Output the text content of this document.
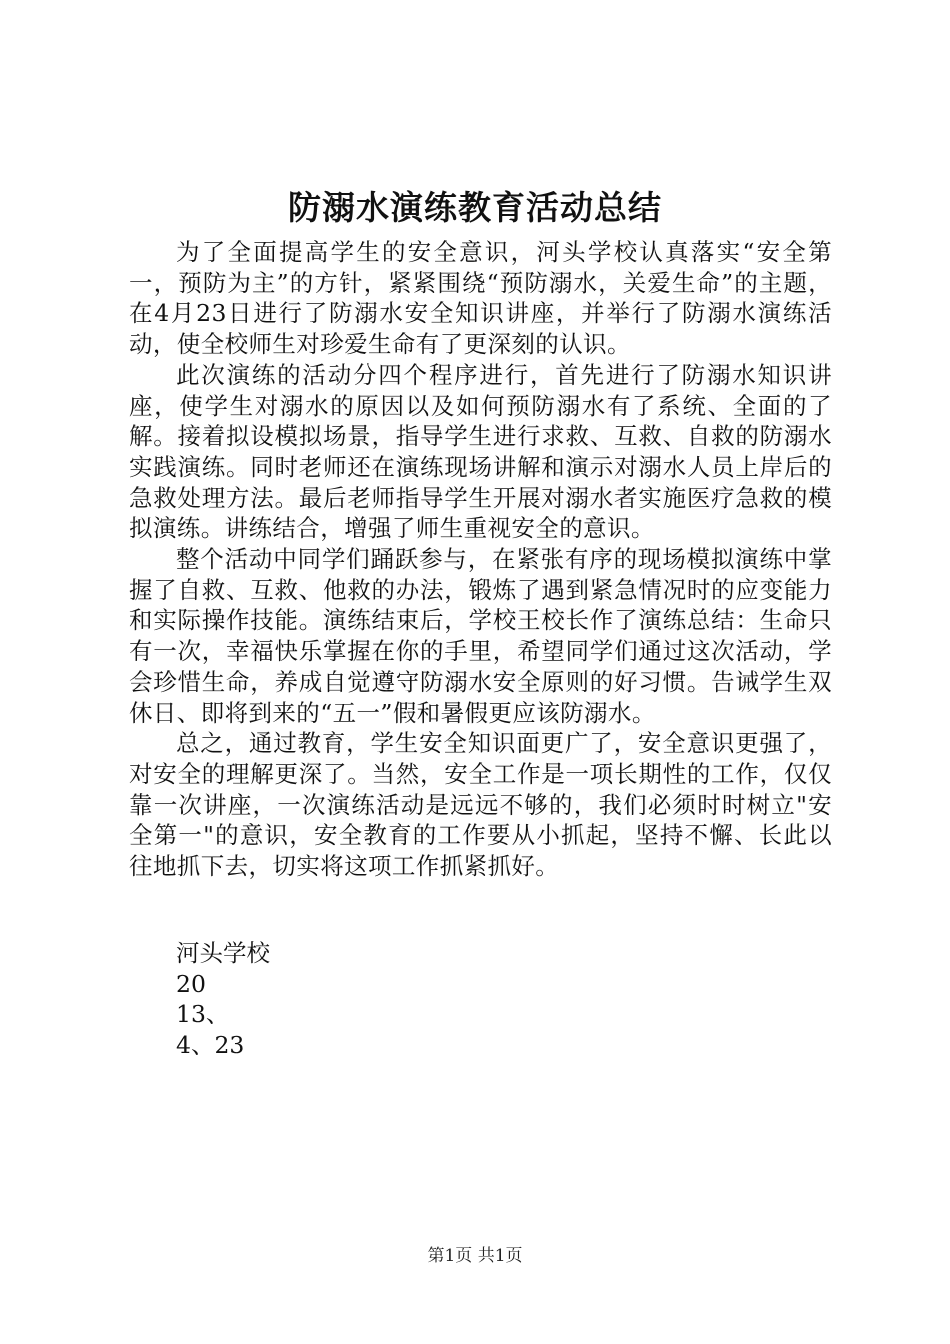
防溺水演练教育活动总结

为了全面提高学生的安全意识，河头学校认真落实“安全第一，预防为主”的方针，紧紧围绕“预防溺水，关爱生命”的主题，在4月23日进行了防溺水安全知识讲座，并举行了防溺水演练活动，使全校师生对珍爱生命有了更深刻的认识。

此次演练的活动分四个程序进行，首先进行了防溺水知识讲座，使学生对溺水的原因以及如何预防溺水有了系统、全面的了解。接着拟设模拟场景，指导学生进行求救、互救、自救的防溺水实践演练。同时老师还在演练现场讲解和演示对溺水人员上岸后的急救处理方法。最后老师指导学生开展对溺水者实施医疗急救的模拟演练。讲练结合，增强了师生重视安全的意识。

整个活动中同学们踊跃参与，在紧张有序的现场模拟演练中掌握了自救、互救、他救的办法，锻炼了遇到紧急情况时的应变能力和实际操作技能。演练结束后，学校王校长作了演练总结：生命只有一次，幸福快乐掌握在你的手里，希望同学们通过这次活动，学会珍惜生命，养成自觉遵守防溺水安全原则的好习惯。告诫学生双休日、即将到来的“五一”假和暑假更应该防溺水。

总之，通过教育，学生安全知识面更广了，安全意识更强了，对安全的理解更深了。当然，安全工作是一项长期性的工作，仅仅靠一次讲座，一次演练活动是远远不够的，我们必须时时树立"安全第一"的意识，安全教育的工作要从小抓起，坚持不懈、长此以往地抓下去，切实将这项工作抓紧抓好。

河头学校
20
13、
4、23
第1页 共1页
